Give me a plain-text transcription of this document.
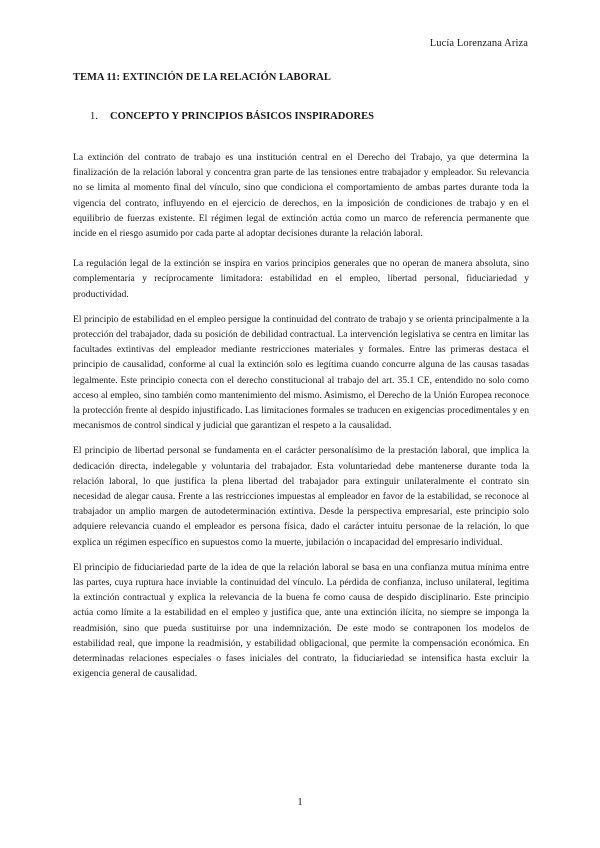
Lucía Lorenzana Ariza
TEMA 11: EXTINCIÓN DE LA RELACIÓN LABORAL
1. CONCEPTO Y PRINCIPIOS BÁSICOS INSPIRADORES

La extinción del contrato de trabajo es una institución central en el Derecho del Trabajo, ya que determina la finalización de la relación laboral y concentra gran parte de las tensiones entre trabajador y empleador. Su relevancia no se limita al momento final del vínculo, sino que condiciona el comportamiento de ambas partes durante toda la vigencia del contrato, influyendo en el ejercicio de derechos, en la imposición de condiciones de trabajo y en el equilibrio de fuerzas existente. El régimen legal de extinción actúa como un marco de referencia permanente que incide en el riesgo asumido por cada parte al adoptar decisiones durante la relación laboral.

La regulación legal de la extinción se inspira en varios principios generales que no operan de manera absoluta, sino complementaria y recíprocamente limitadora: estabilidad en el empleo, libertad personal, fiduciariedad y productividad.

El principio de estabilidad en el empleo persigue la continuidad del contrato de trabajo y se orienta principalmente a la protección del trabajador, dada su posición de debilidad contractual. La intervención legislativa se centra en limitar las facultades extintivas del empleador mediante restricciones materiales y formales. Entre las primeras destaca el principio de causalidad, conforme al cual la extinción solo es legítima cuando concurre alguna de las causas tasadas legalmente. Este principio conecta con el derecho constitucional al trabajo del art. 35.1 CE, entendido no solo como acceso al empleo, sino también como mantenimiento del mismo. Asimismo, el Derecho de la Unión Europea reconoce la protección frente al despido injustificado. Las limitaciones formales se traducen en exigencias procedimentales y en mecanismos de control sindical y judicial que garantizan el respeto a la causalidad.

El principio de libertad personal se fundamenta en el carácter personalísimo de la prestación laboral, que implica la dedicación directa, indelegable y voluntaria del trabajador. Esta voluntariedad debe mantenerse durante toda la relación laboral, lo que justifica la plena libertad del trabajador para extinguir unilateralmente el contrato sin necesidad de alegar causa. Frente a las restricciones impuestas al empleador en favor de la estabilidad, se reconoce al trabajador un amplio margen de autodeterminación extintiva. Desde la perspectiva empresarial, este principio solo adquiere relevancia cuando el empleador es persona física, dado el carácter intuitu personae de la relación, lo que explica un régimen específico en supuestos como la muerte, jubilación o incapacidad del empresario individual.

El principio de fiduciariedad parte de la idea de que la relación laboral se basa en una confianza mutua mínima entre las partes, cuya ruptura hace inviable la continuidad del vínculo. La pérdida de confianza, incluso unilateral, legitima la extinción contractual y explica la relevancia de la buena fe como causa de despido disciplinario. Este principio actúa como límite a la estabilidad en el empleo y justifica que, ante una extinción ilícita, no siempre se imponga la readmisión, sino que pueda sustituirse por una indemnización. De este modo se contraponen los modelos de estabilidad real, que impone la readmisión, y estabilidad obligacional, que permite la compensación económica. En determinadas relaciones especiales o fases iniciales del contrato, la fiduciariedad se intensifica hasta excluir la exigencia general de causalidad.

1
